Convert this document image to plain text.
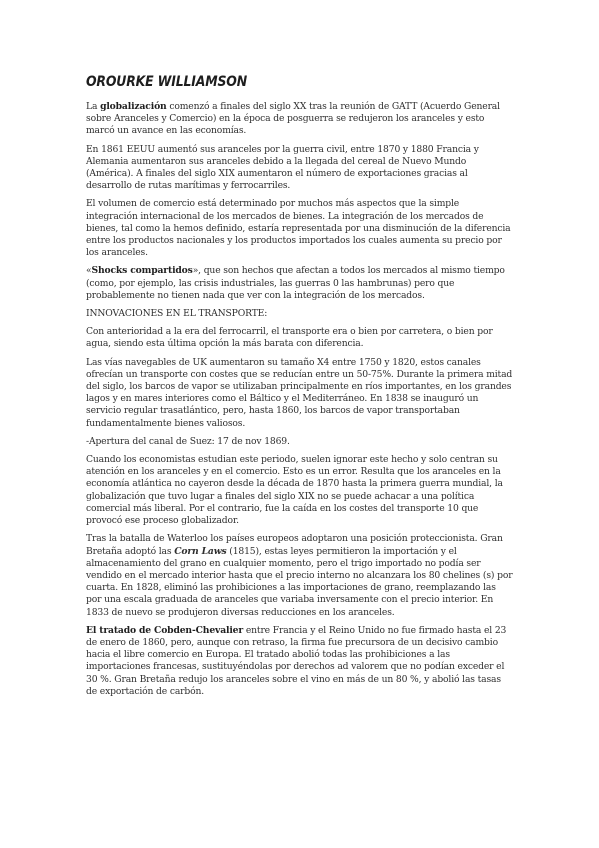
OROURKE WILLIAMSON

La globalización comenzó a finales del siglo XX tras la reunión de GATT (Acuerdo General sobre Aranceles y Comercio) en la época de posguerra se redujeron los aranceles y esto marcó un avance en las economías.

En 1861 EEUU aumentó sus aranceles por la guerra civil, entre 1870 y 1880 Francia y Alemania aumentaron sus aranceles debido a la llegada del cereal de Nuevo Mundo (América). A finales del siglo XIX aumentaron el número de exportaciones gracias al desarrollo de rutas marítimas y ferrocarriles.

El volumen de comercio está determinado por muchos más aspectos que la simple integración internacional de los mercados de bienes. La integración de los mercados de bienes, tal como la hemos definido, estaría representada por una disminución de la diferencia entre los productos nacionales y los productos importados los cuales aumenta su precio por los aranceles.

«Shocks compartidos», que son hechos que afectan a todos los mercados al mismo tiempo (como, por ejemplo, las crisis industriales, las guerras 0 las hambrunas) pero que probablemente no tienen nada que ver con la integración de los mercados.

INNOVACIONES EN EL TRANSPORTE:

Con anterioridad a la era del ferrocarril, el transporte era o bien por carretera, o bien por agua, siendo esta última opción la más barata con diferencia.

Las vías navegables de UK aumentaron su tamaño X4 entre 1750 y 1820, estos canales ofrecían un transporte con costes que se reducían entre un 50-75%. Durante la primera mitad del siglo, los barcos de vapor se utilizaban principalmente en ríos importantes, en los grandes lagos y en mares interiores como el Báltico y el Mediterráneo. En 1838 se inauguró un servicio regular trasatlántico, pero, hasta 1860, los barcos de vapor transportaban fundamentalmente bienes valiosos.

-Apertura del canal de Suez: 17 de nov 1869.

Cuando los economistas estudian este periodo, suelen ignorar este hecho y solo centran su atención en los aranceles y en el comercio. Esto es un error. Resulta que los aranceles en la economía atlántica no cayeron desde la década de 1870 hasta la primera guerra mundial, la globalización que tuvo lugar a finales del siglo XIX no se puede achacar a una política comercial más liberal. Por el contrario, fue la caída en los costes del transporte 10 que provocó ese proceso globalizador.

Tras la batalla de Waterloo los países europeos adoptaron una posición proteccionista. Gran Bretaña adoptó las Corn Laws (1815), estas leyes permitieron la importación y el almacenamiento del grano en cualquier momento, pero el trigo importado no podía ser vendido en el mercado interior hasta que el precio interno no alcanzara los 80 chelines (s) por cuarta. En 1828, eliminó las prohibiciones a las importaciones de grano, reemplazando las por una escala graduada de aranceles que variaba inversamente con el precio interior. En 1833 de nuevo se produjeron diversas reducciones en los aranceles.

El tratado de Cobden-Chevalier entre Francia y el Reino Unido no fue firmado hasta el 23 de enero de 1860, pero, aunque con retraso, la firma fue precursora de un decisivo cambio hacia el libre comercio en Europa. El tratado abolió todas las prohibiciones a las importaciones francesas, sustituyéndolas por derechos ad valorem que no podían exceder el 30 %. Gran Bretaña redujo los aranceles sobre el vino en más de un 80 %, y abolió las tasas de exportación de carbón.
